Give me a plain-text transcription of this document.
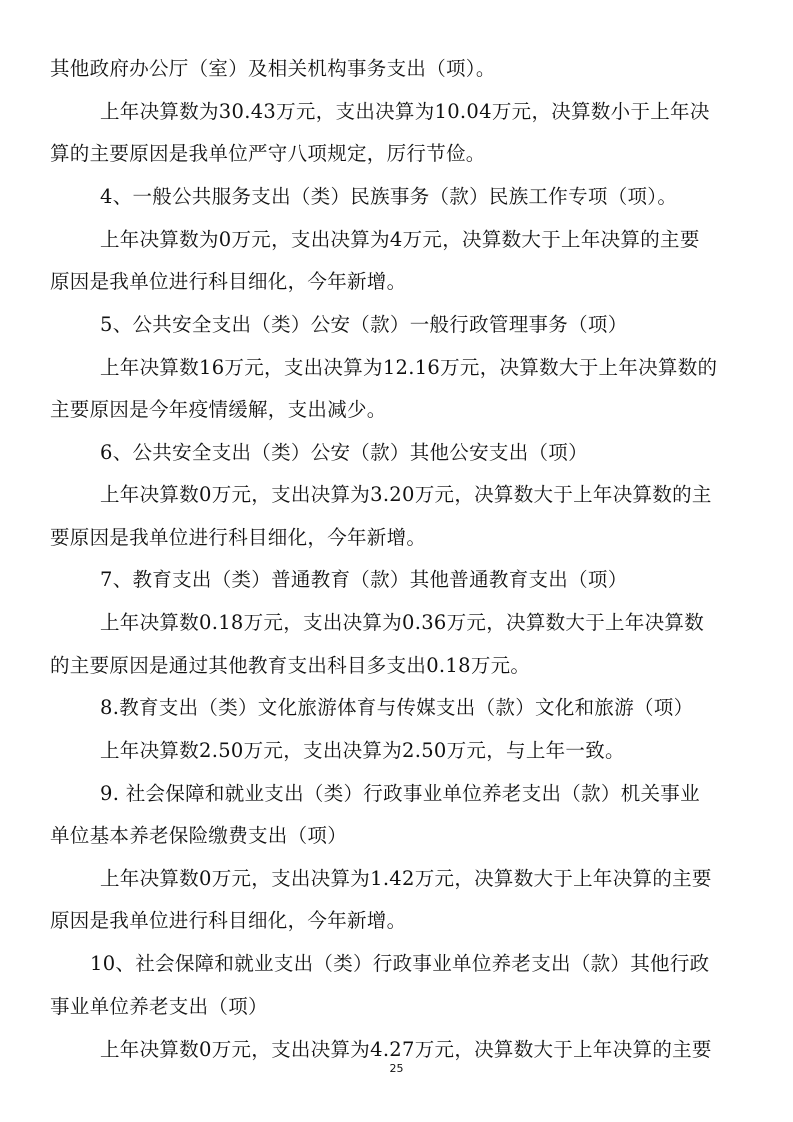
其他政府办公厅（室）及相关机构事务支出（项）。
上年决算数为30.43万元，支出决算为10.04万元，决算数小于上年决
算的主要原因是我单位严守八项规定，厉行节俭。
4、一般公共服务支出（类）民族事务（款）民族工作专项（项）。
上年决算数为0万元，支出决算为4万元，决算数大于上年决算的主要
原因是我单位进行科目细化，今年新增。
5、公共安全支出（类）公安（款）一般行政管理事务（项）
上年决算数16万元，支出决算为12.16万元，决算数大于上年决算数的
主要原因是今年疫情缓解，支出减少。
6、公共安全支出（类）公安（款）其他公安支出（项）
上年决算数0万元，支出决算为3.20万元，决算数大于上年决算数的主
要原因是我单位进行科目细化，今年新增。
7、教育支出（类）普通教育（款）其他普通教育支出（项）
上年决算数0.18万元，支出决算为0.36万元，决算数大于上年决算数
的主要原因是通过其他教育支出科目多支出0.18万元。
8.教育支出（类）文化旅游体育与传媒支出（款）文化和旅游（项）
上年决算数2.50万元，支出决算为2.50万元，与上年一致。
9. 社会保障和就业支出（类）行政事业单位养老支出（款）机关事业
单位基本养老保险缴费支出（项）
上年决算数0万元，支出决算为1.42万元，决算数大于上年决算的主要
原因是我单位进行科目细化，今年新增。
10、社会保障和就业支出（类）行政事业单位养老支出（款）其他行政
事业单位养老支出（项）
上年决算数0万元，支出决算为4.27万元，决算数大于上年决算的主要
25
